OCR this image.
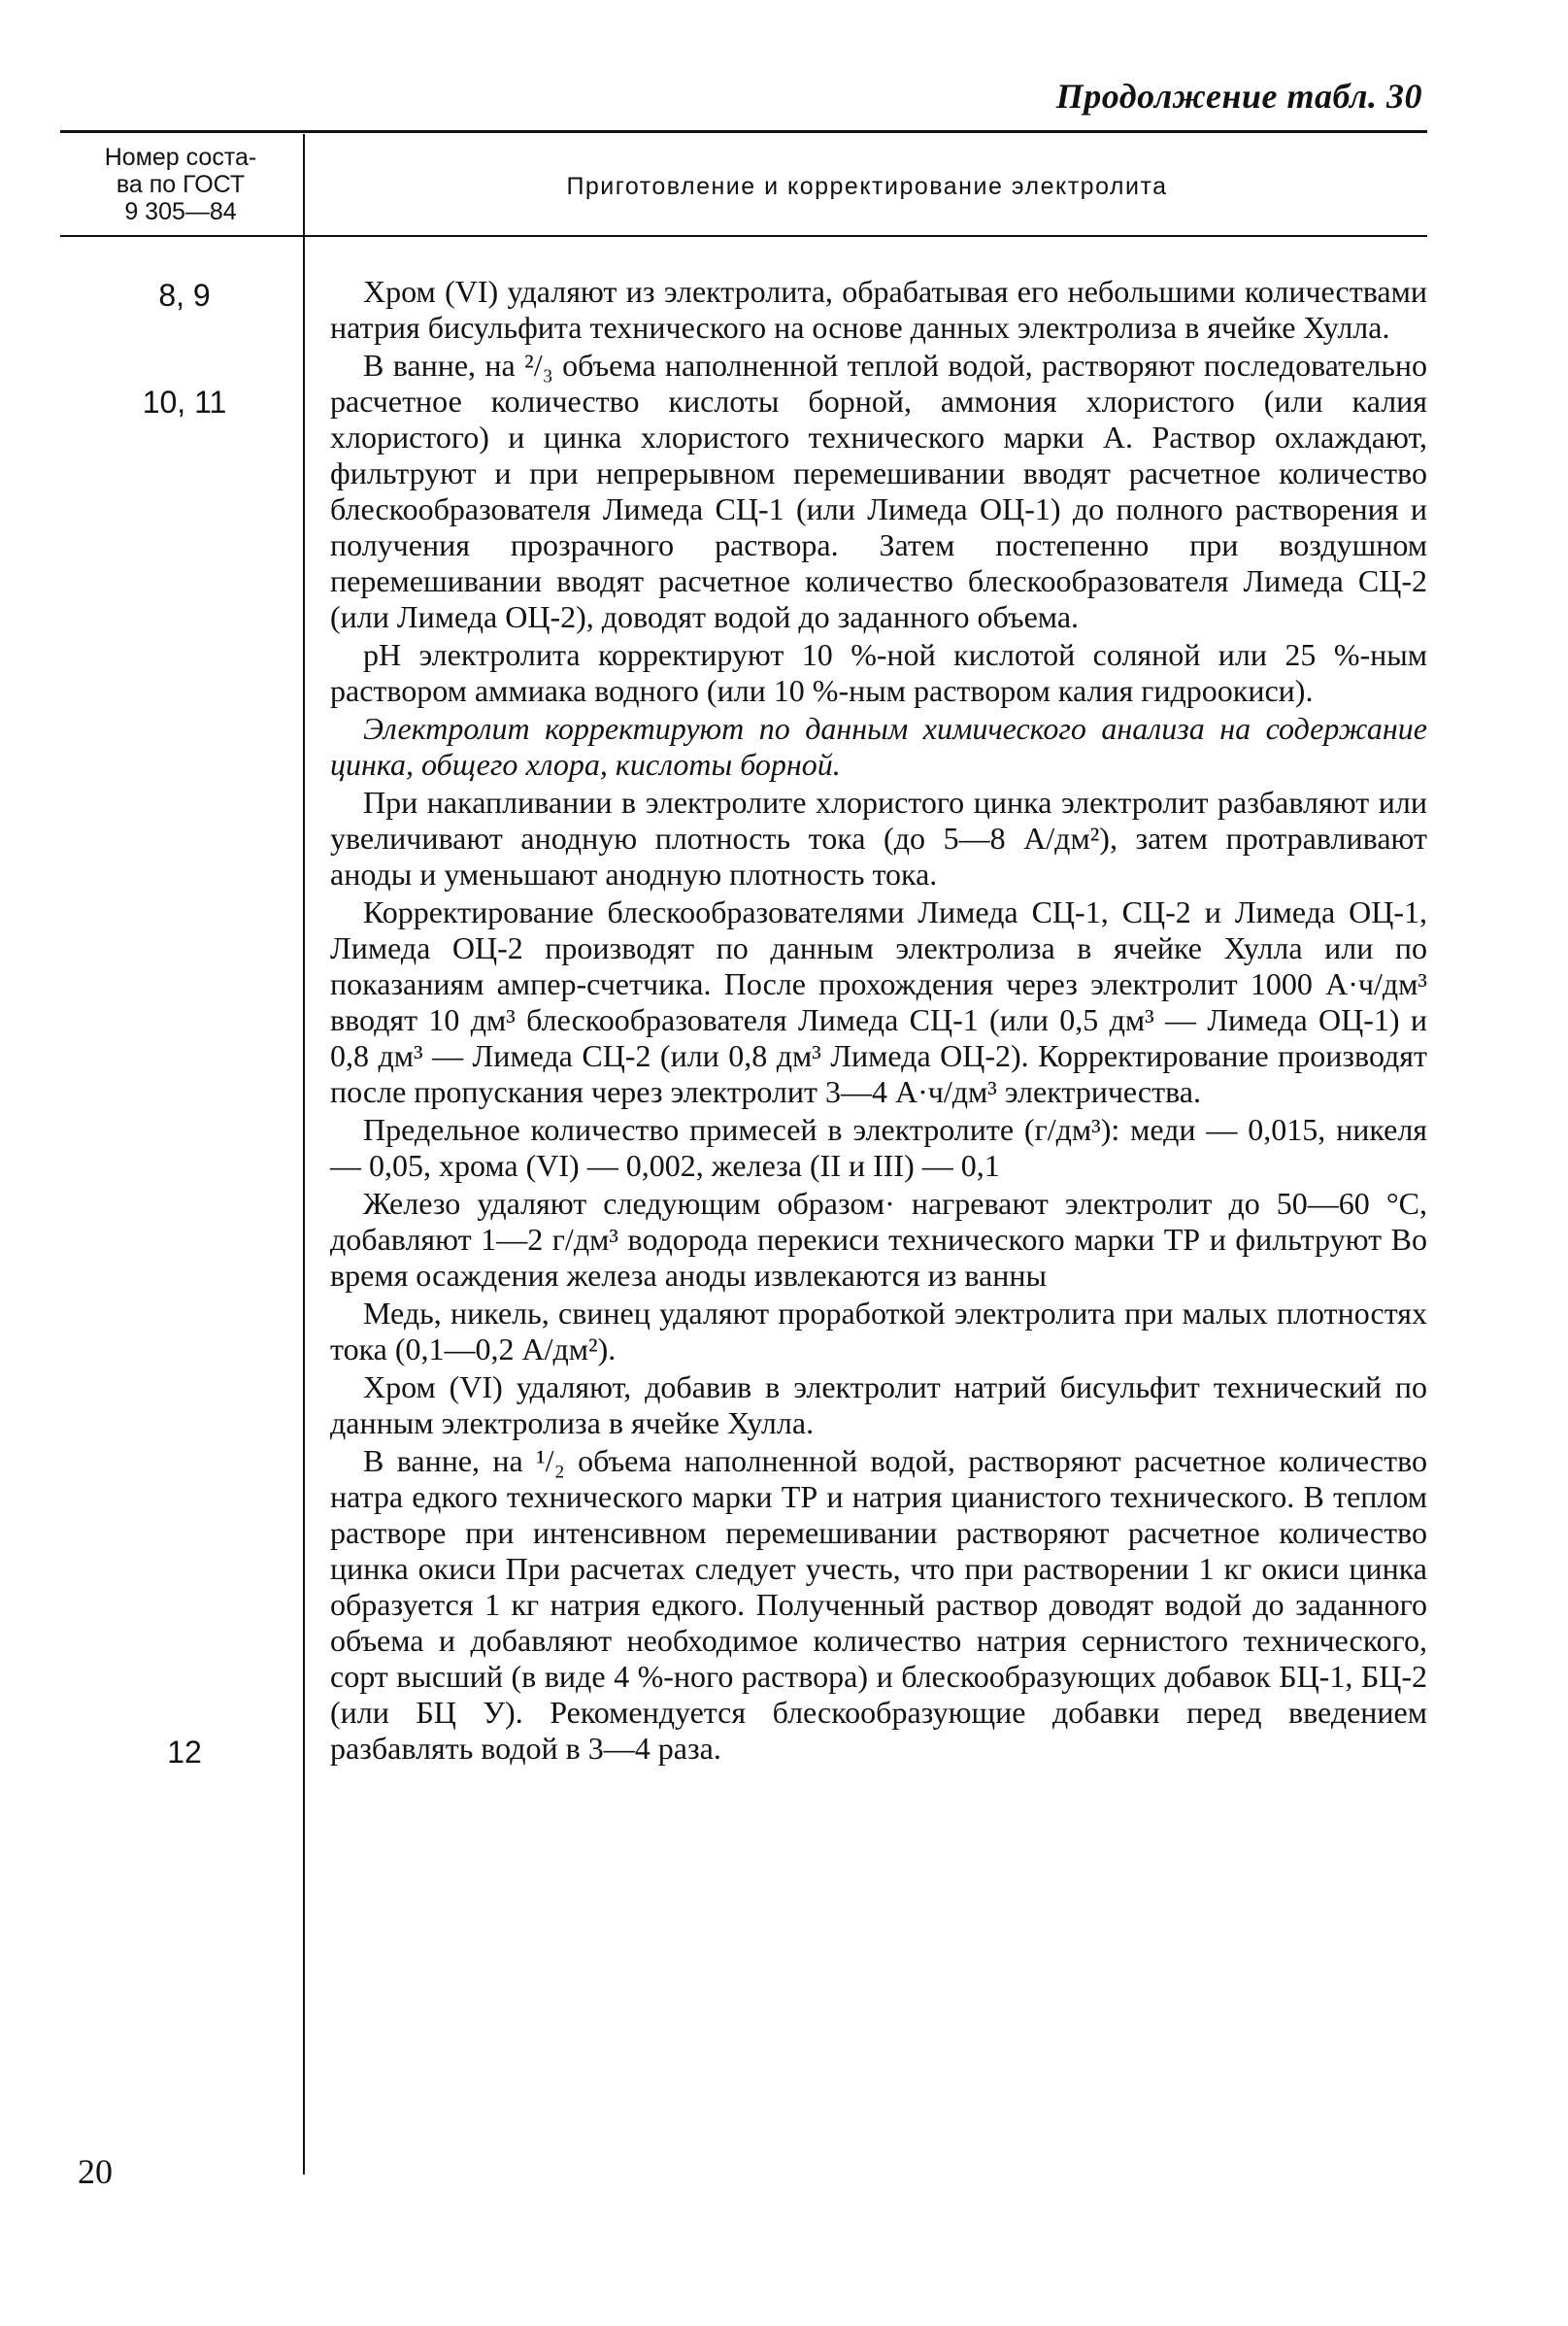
Продолжение табл. 30
Номер соста-
ва по ГОСТ
9 305—84
Приготовление и корректирование электролита
8, 9
10, 11
12

Хром (VI) удаляют из электролита, обрабатывая его небольшими количествами натрия бисульфита технического на основе данных электролиза в ячейке Хулла.

В ванне, на ²/₃ объема наполненной теплой водой, растворяют последовательно расчетное количество кислоты борной, аммония хлористого (или калия хлористого) и цинка хлористого технического марки А. Раствор охлаждают, фильтруют и при непрерывном перемешивании вводят расчетное количество блескообразователя Лимеда СЦ-1 (или Лимеда ОЦ-1) до полного растворения и получения прозрачного раствора. Затем постепенно при воздушном перемешивании вводят расчетное количество блескообразователя Лимеда СЦ-2 (или Лимеда ОЦ-2), доводят водой до заданного объема.

pH электролита корректируют 10 %-ной кислотой соляной или 25 %-ным раствором аммиака водного (или 10 %-ным раствором калия гидроокиси).

Электролит корректируют по данным химического анализа на содержание цинка, общего хлора, кислоты борной.

При накапливании в электролите хлористого цинка электролит разбавляют или увеличивают анодную плотность тока (до 5—8 А/дм²), затем протравливают аноды и уменьшают анодную плотность тока.

Корректирование блескообразователями Лимеда СЦ-1, СЦ-2 и Лимеда ОЦ-1, Лимеда ОЦ-2 производят по данным электролиза в ячейке Хулла или по показаниям ампер-счетчика. После прохождения через электролит 1000 А·ч/дм³ вводят 10 дм³ блескообразователя Лимеда СЦ-1 (или 0,5 дм³ — Лимеда ОЦ-1) и 0,8 дм³ — Лимеда СЦ-2 (или 0,8 дм³ Лимеда ОЦ-2). Корректирование производят после пропускания через электролит 3—4 А·ч/дм³ электричества.

Предельное количество примесей в электролите (г/дм³): меди — 0,015, никеля — 0,05, хрома (VI) — 0,002, железа (II и III) — 0,1

Железо удаляют следующим образом· нагревают электролит до 50—60 °С, добавляют 1—2 г/дм³ водорода перекиси технического марки ТР и фильтруют Во время осаждения железа аноды извлекаются из ванны

Медь, никель, свинец удаляют проработкой электролита при малых плотностях тока (0,1—0,2 А/дм²).

Хром (VI) удаляют, добавив в электролит натрий бисульфит технический по данным электролиза в ячейке Хулла.

В ванне, на ¹/₂ объема наполненной водой, растворяют расчетное количество натра едкого технического марки ТР и натрия цианистого технического. В теплом растворе при интенсивном перемешивании растворяют расчетное количество цинка окиси При расчетах следует учесть, что при растворении 1 кг окиси цинка образуется 1 кг натрия едкого. Полученный раствор доводят водой до заданного объема и добавляют необходимое количество натрия сернистого технического, сорт высший (в виде 4 %-ного раствора) и блескообразующих добавок БЦ-1, БЦ-2 (или БЦ У). Рекомендуется блескообразующие добавки перед введением разбавлять водой в 3—4 раза.

20
